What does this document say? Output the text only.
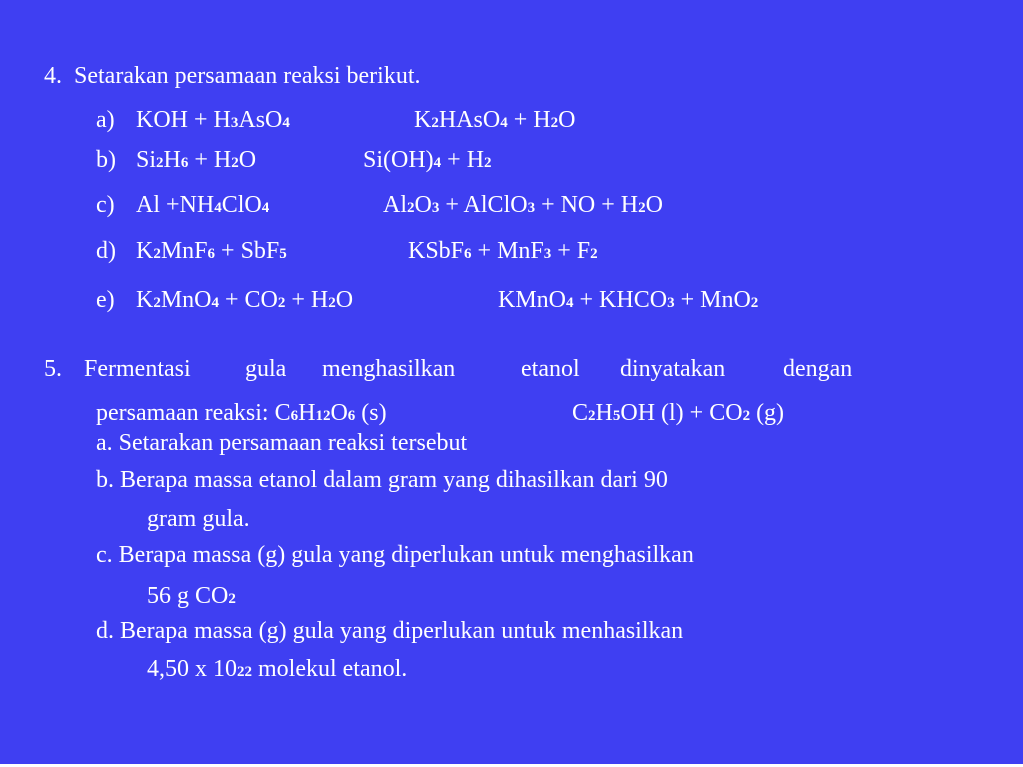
4. Setarakan persamaan reaksi berikut.
a) KOH + H3AsO4	K2HAsO4 + H2O
b) Si2H6 + H2O	Si(OH)4 + H2
c) Al +NH4ClO4	Al2O3 + AlClO3 + NO + H2O
d) K2MnF6 + SbF5	KSbF6 + MnF3 + F2
e) K2MnO4 + CO2 + H2O	KMnO4 + KHCO3 + MnO2
5. Fermentasi gula menghasilkan	etanol dinyatakan dengan
persamaan reaksi: C6H12O6 (s)	C2H5OH (l) + CO2 (g)
a. Setarakan persamaan reaksi tersebut
b. Berapa massa etanol dalam gram yang dihasilkan dari 90
gram gula.
c. Berapa massa (g) gula yang diperlukan untuk menghasilkan
56 g CO2
d. Berapa massa (g) gula yang diperlukan untuk menhasilkan
4,50 x 1022 molekul etanol.
